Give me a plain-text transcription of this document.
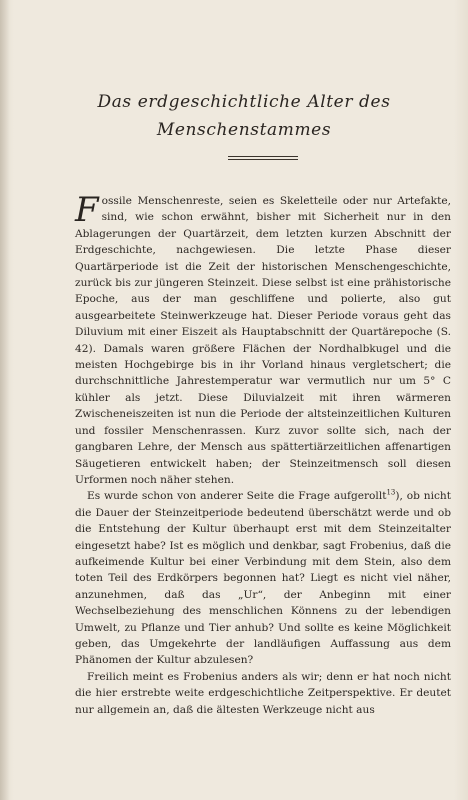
Das erdgeschichtliche Alter des Menschenstammes

Fossile Menschenreste, seien es Skeletteile oder nur Artefakte, sind, wie schon erwähnt, bisher mit Sicherheit nur in den Ablagerungen der Quartärzeit, dem letzten kurzen Abschnitt der Erdgeschichte, nachgewiesen. Die letzte Phase dieser Quartärperiode ist die Zeit der historischen Menschengeschichte, zurück bis zur jüngeren Steinzeit. Diese selbst ist eine prähistorische Epoche, aus der man geschliffene und polierte, also gut ausgearbeitete Steinwerkzeuge hat. Dieser Periode voraus geht das Diluvium mit einer Eiszeit als Hauptabschnitt der Quartärepoche (S. 42). Damals waren größere Flächen der Nordhalbkugel und die meisten Hochgebirge bis in ihr Vorland hinaus vergletschert; die durchschnittliche Jahrestemperatur war vermutlich nur um 5° C kühler als jetzt. Diese Diluvialzeit mit ihren wärmeren Zwischeneiszeiten ist nun die Periode der altsteinzeitlichen Kulturen und fossiler Menschenrassen. Kurz zuvor sollte sich, nach der gangbaren Lehre, der Mensch aus spättertiärzeitlichen affenartigen Säugetieren entwickelt haben; der Steinzeitmensch soll diesen Urformen noch näher stehen.

Es wurde schon von anderer Seite die Frage aufgerollt$^{13}$), ob nicht die Dauer der Steinzeitperiode bedeutend überschätzt werde und ob die Entstehung der Kultur überhaupt erst mit dem Steinzeitalter eingesetzt habe? Ist es möglich und denkbar, sagt Frobenius, daß die aufkeimende Kultur bei einer Verbindung mit dem Stein, also dem toten Teil des Erdkörpers begonnen hat? Liegt es nicht viel näher, anzunehmen, daß das „Ur“, der Anbeginn mit einer Wechselbeziehung des menschlichen Könnens zu der lebendigen Umwelt, zu Pflanze und Tier anhub? Und sollte es keine Möglichkeit geben, das Umgekehrte der landläufigen Auffassung aus dem Phänomen der Kultur abzulesen?

Freilich meint es Frobenius anders als wir; denn er hat noch nicht die hier erstrebte weite erdgeschichtliche Zeitperspektive. Er deutet nur allgemein an, daß die ältesten Werkzeuge nicht aus
